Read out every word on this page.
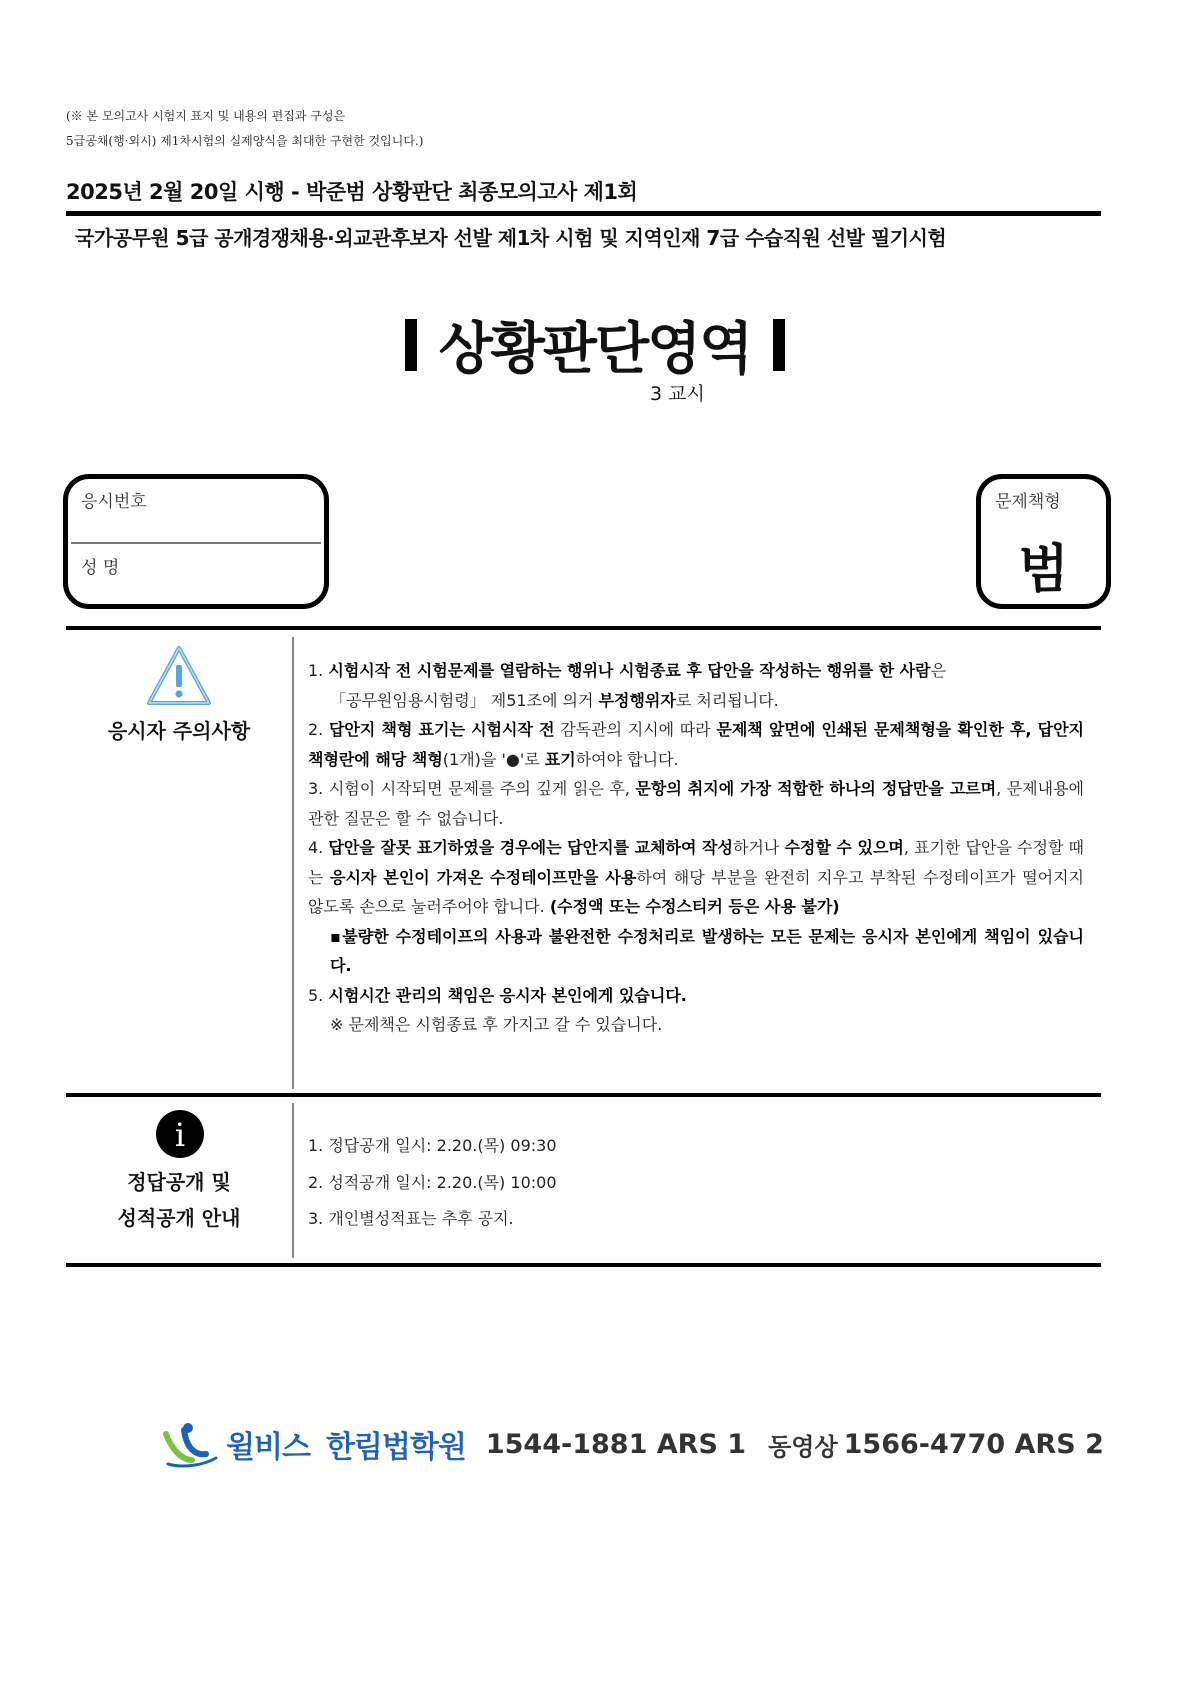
(※ 본 모의고사 시험지 표지 및 내용의 편집과 구성은
5급공채(행·외시) 제1차시험의 실제양식을 최대한 구현한 것입니다.)
2025년 2월 20일 시행 - 박준범 상황판단 최종모의고사 제1회
국가공무원 5급 공개경쟁채용·외교관후보자 선발 제1차 시험 및 지역인재 7급 수습직원 선발 필기시험
상황판단영역
3 교시
응시번호
성 명
문제책형
범
응시자 주의사항
1. 시험시작 전 시험문제를 열람하는 행위나 시험종료 후 답안을 작성하는 행위를 한 사람은
「공무원임용시험령」 제51조에 의거 부정행위자로 처리됩니다.
2. 답안지 책형 표기는 시험시작 전 감독관의 지시에 따라 문제책 앞면에 인쇄된 문제책형을 확인한 후, 답안지 책형란에 해당 책형(1개)을 '●'로 표기하여야 합니다.
3. 시험이 시작되면 문제를 주의 깊게 읽은 후, 문항의 취지에 가장 적합한 하나의 정답만을 고르며, 문제내용에 관한 질문은 할 수 없습니다.
4. 답안을 잘못 표기하였을 경우에는 답안지를 교체하여 작성하거나 수정할 수 있으며, 표기한 답안을 수정할 때는 응시자 본인이 가져온 수정테이프만을 사용하여 해당 부분을 완전히 지우고 부착된 수정테이프가 떨어지지 않도록 손으로 눌러주어야 합니다. (수정액 또는 수정스티커 등은 사용 불가)
▪불량한 수정테이프의 사용과 불완전한 수정처리로 발생하는 모든 문제는 응시자 본인에게 책임이 있습니다.
5. 시험시간 관리의 책임은 응시자 본인에게 있습니다.
※ 문제책은 시험종료 후 가지고 갈 수 있습니다.
i
정답공개 및
성적공개 안내
1. 정답공개 일시: 2.20.(목) 09:30
2. 성적공개 일시: 2.20.(목) 10:00
3. 개인별성적표는 추후 공지.
윌비스 한림법학원 1544-1881 ARS 1 동영상 1566-4770 ARS 2
